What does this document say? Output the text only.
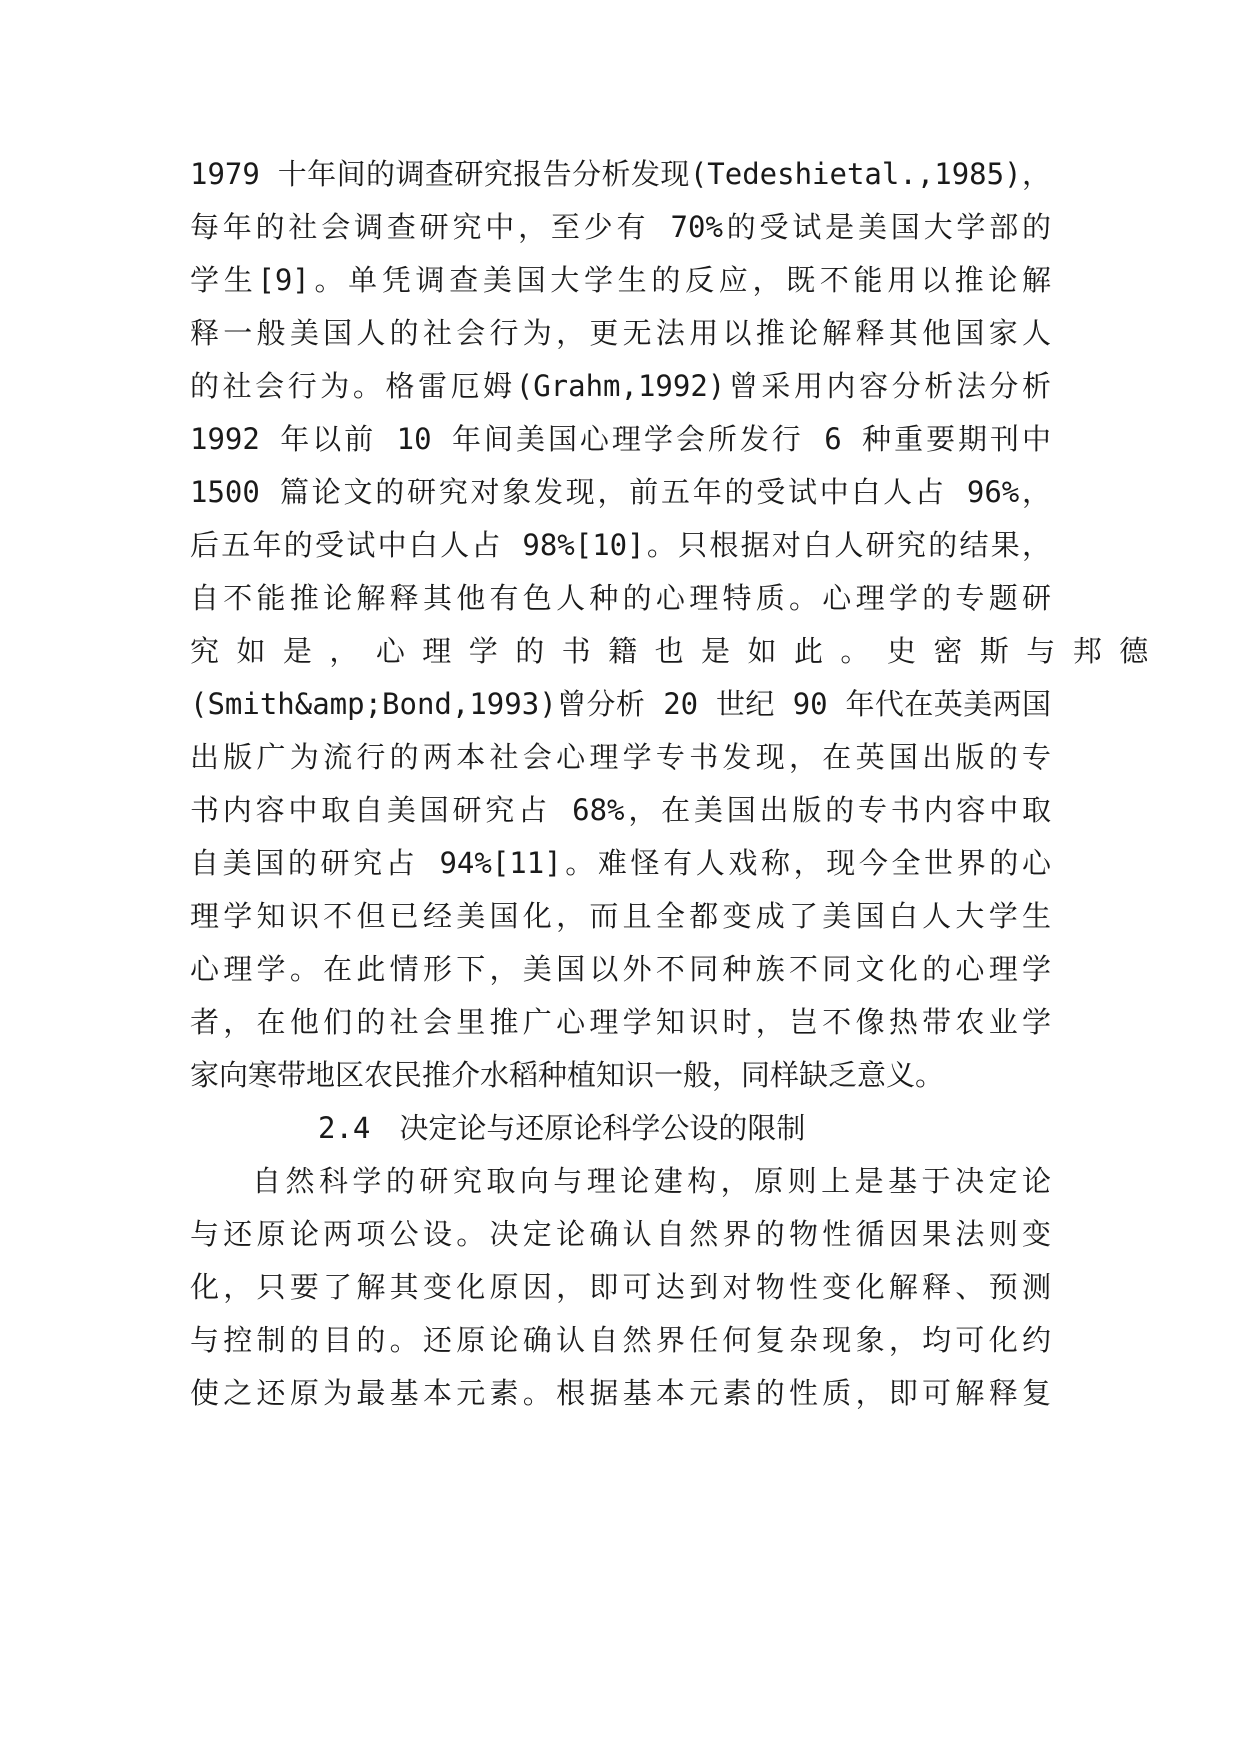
1979 十年间的调查研究报告分析发现(Tedeshietal.,1985)，
每年的社会调查研究中，至少有 70%的受试是美国大学部的
学生[9]。单凭调查美国大学生的反应，既不能用以推论解
释一般美国人的社会行为，更无法用以推论解释其他国家人
的社会行为。格雷厄姆(Grahm,1992)曾采用内容分析法分析
1992 年以前 10 年间美国心理学会所发行 6 种重要期刊中
1500 篇论文的研究对象发现，前五年的受试中白人占 96%，
后五年的受试中白人占 98%[10]。只根据对白人研究的结果，
自不能推论解释其他有色人种的心理特质。心理学的专题研
究 如 是 ， 心 理 学 的 书 籍 也 是 如 此 。 史 密 斯 与 邦 德
(Smith&amp;Bond,1993)曾分析 20 世纪 90 年代在英美两国
出版广为流行的两本社会心理学专书发现，在英国出版的专
书内容中取自美国研究占 68%，在美国出版的专书内容中取
自美国的研究占 94%[11]。难怪有人戏称，现今全世界的心
理学知识不但已经美国化，而且全都变成了美国白人大学生
心理学。在此情形下，美国以外不同种族不同文化的心理学
者，在他们的社会里推广心理学知识时，岂不像热带农业学
家向寒带地区农民推介水稻种植知识一般，同样缺乏意义。
2.4　决定论与还原论科学公设的限制
自然科学的研究取向与理论建构，原则上是基于决定论
与还原论两项公设。决定论确认自然界的物性循因果法则变
化，只要了解其变化原因，即可达到对物性变化解释、预测
与控制的目的。还原论确认自然界任何复杂现象，均可化约
使之还原为最基本元素。根据基本元素的性质，即可解释复
